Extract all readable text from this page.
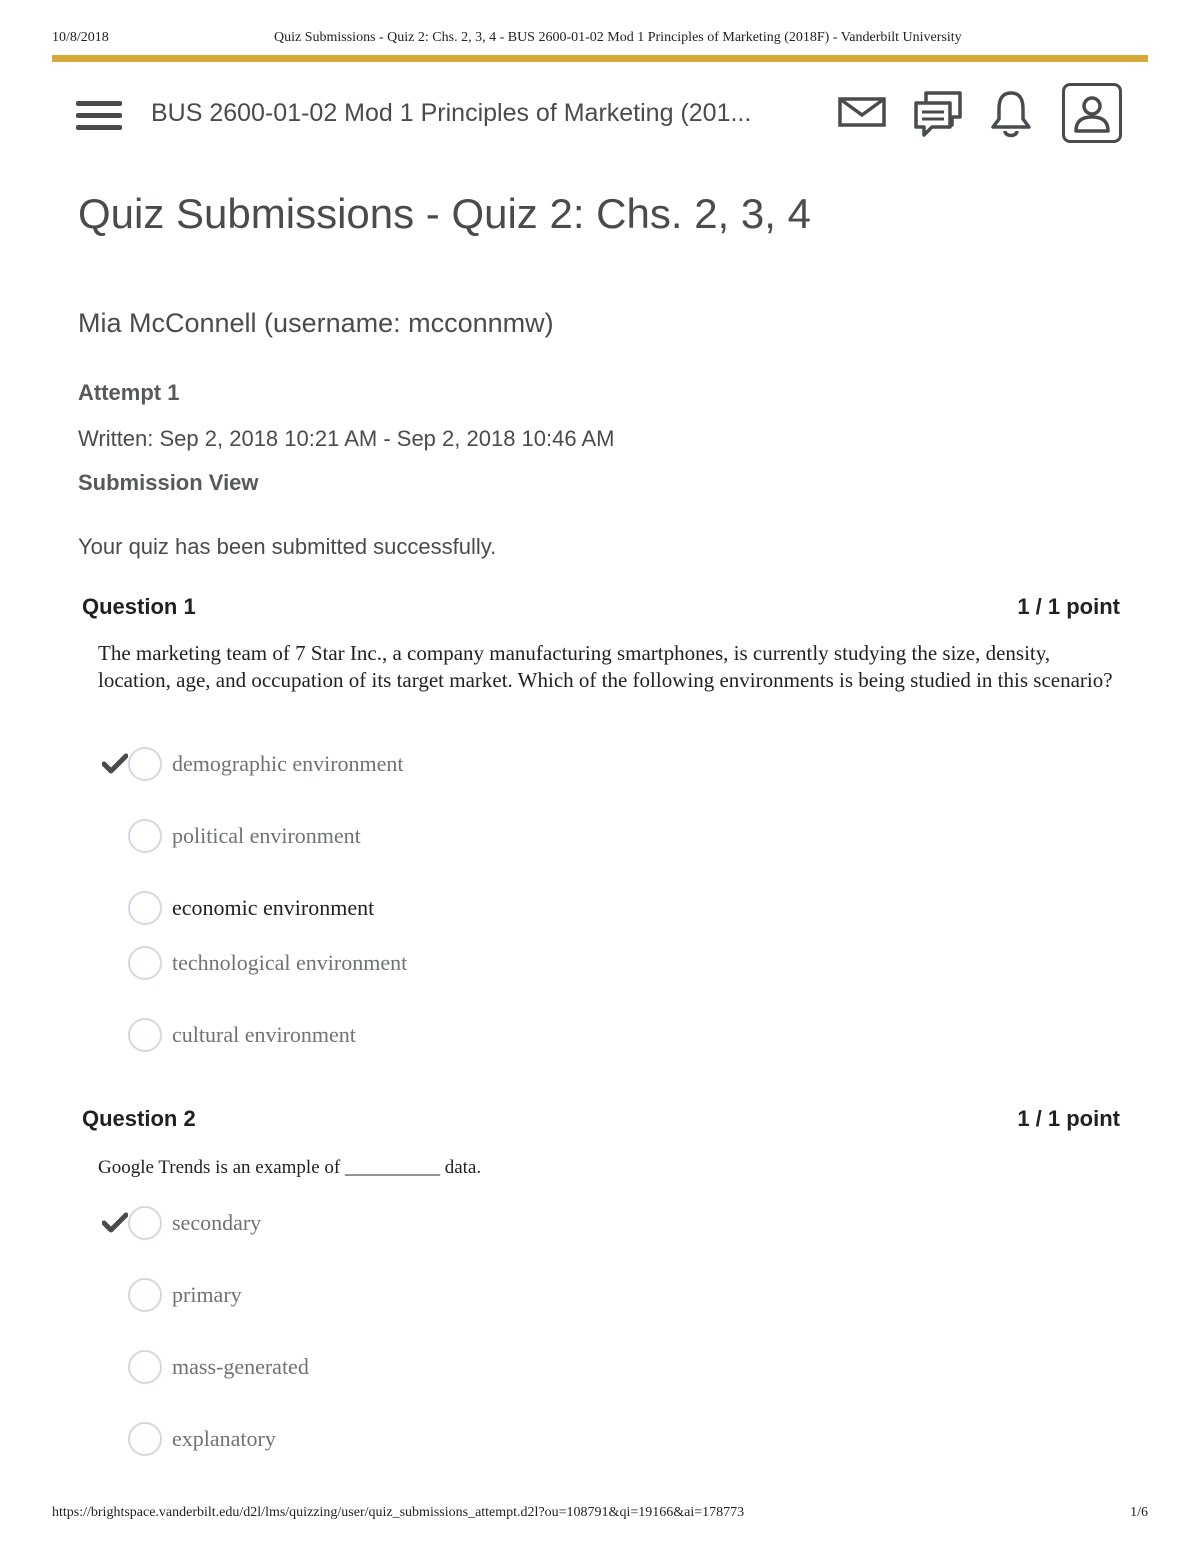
10/8/2018	Quiz Submissions - Quiz 2: Chs. 2, 3, 4 - BUS 2600-01-02 Mod 1 Principles of Marketing (2018F) - Vanderbilt University
BUS 2600-01-02 Mod 1 Principles of Marketing (201...
Quiz Submissions - Quiz 2: Chs. 2, 3, 4
Mia McConnell (username: mcconnmw)
Attempt 1
Written: Sep 2, 2018 10:21 AM - Sep 2, 2018 10:46 AM
Submission View
Your quiz has been submitted successfully.
Question 1	1 / 1 point
The marketing team of 7 Star Inc., a company manufacturing smartphones, is currently studying the size, density, location, age, and occupation of its target market. Which of the following environments is being studied in this scenario?
demographic environment
political environment
economic environment
technological environment
cultural environment
Question 2	1 / 1 point
Google Trends is an example of __________ data.
secondary
primary
mass-generated
explanatory
https://brightspace.vanderbilt.edu/d2l/lms/quizzing/user/quiz_submissions_attempt.d2l?ou=108791&qi=19166&ai=178773	1/6
